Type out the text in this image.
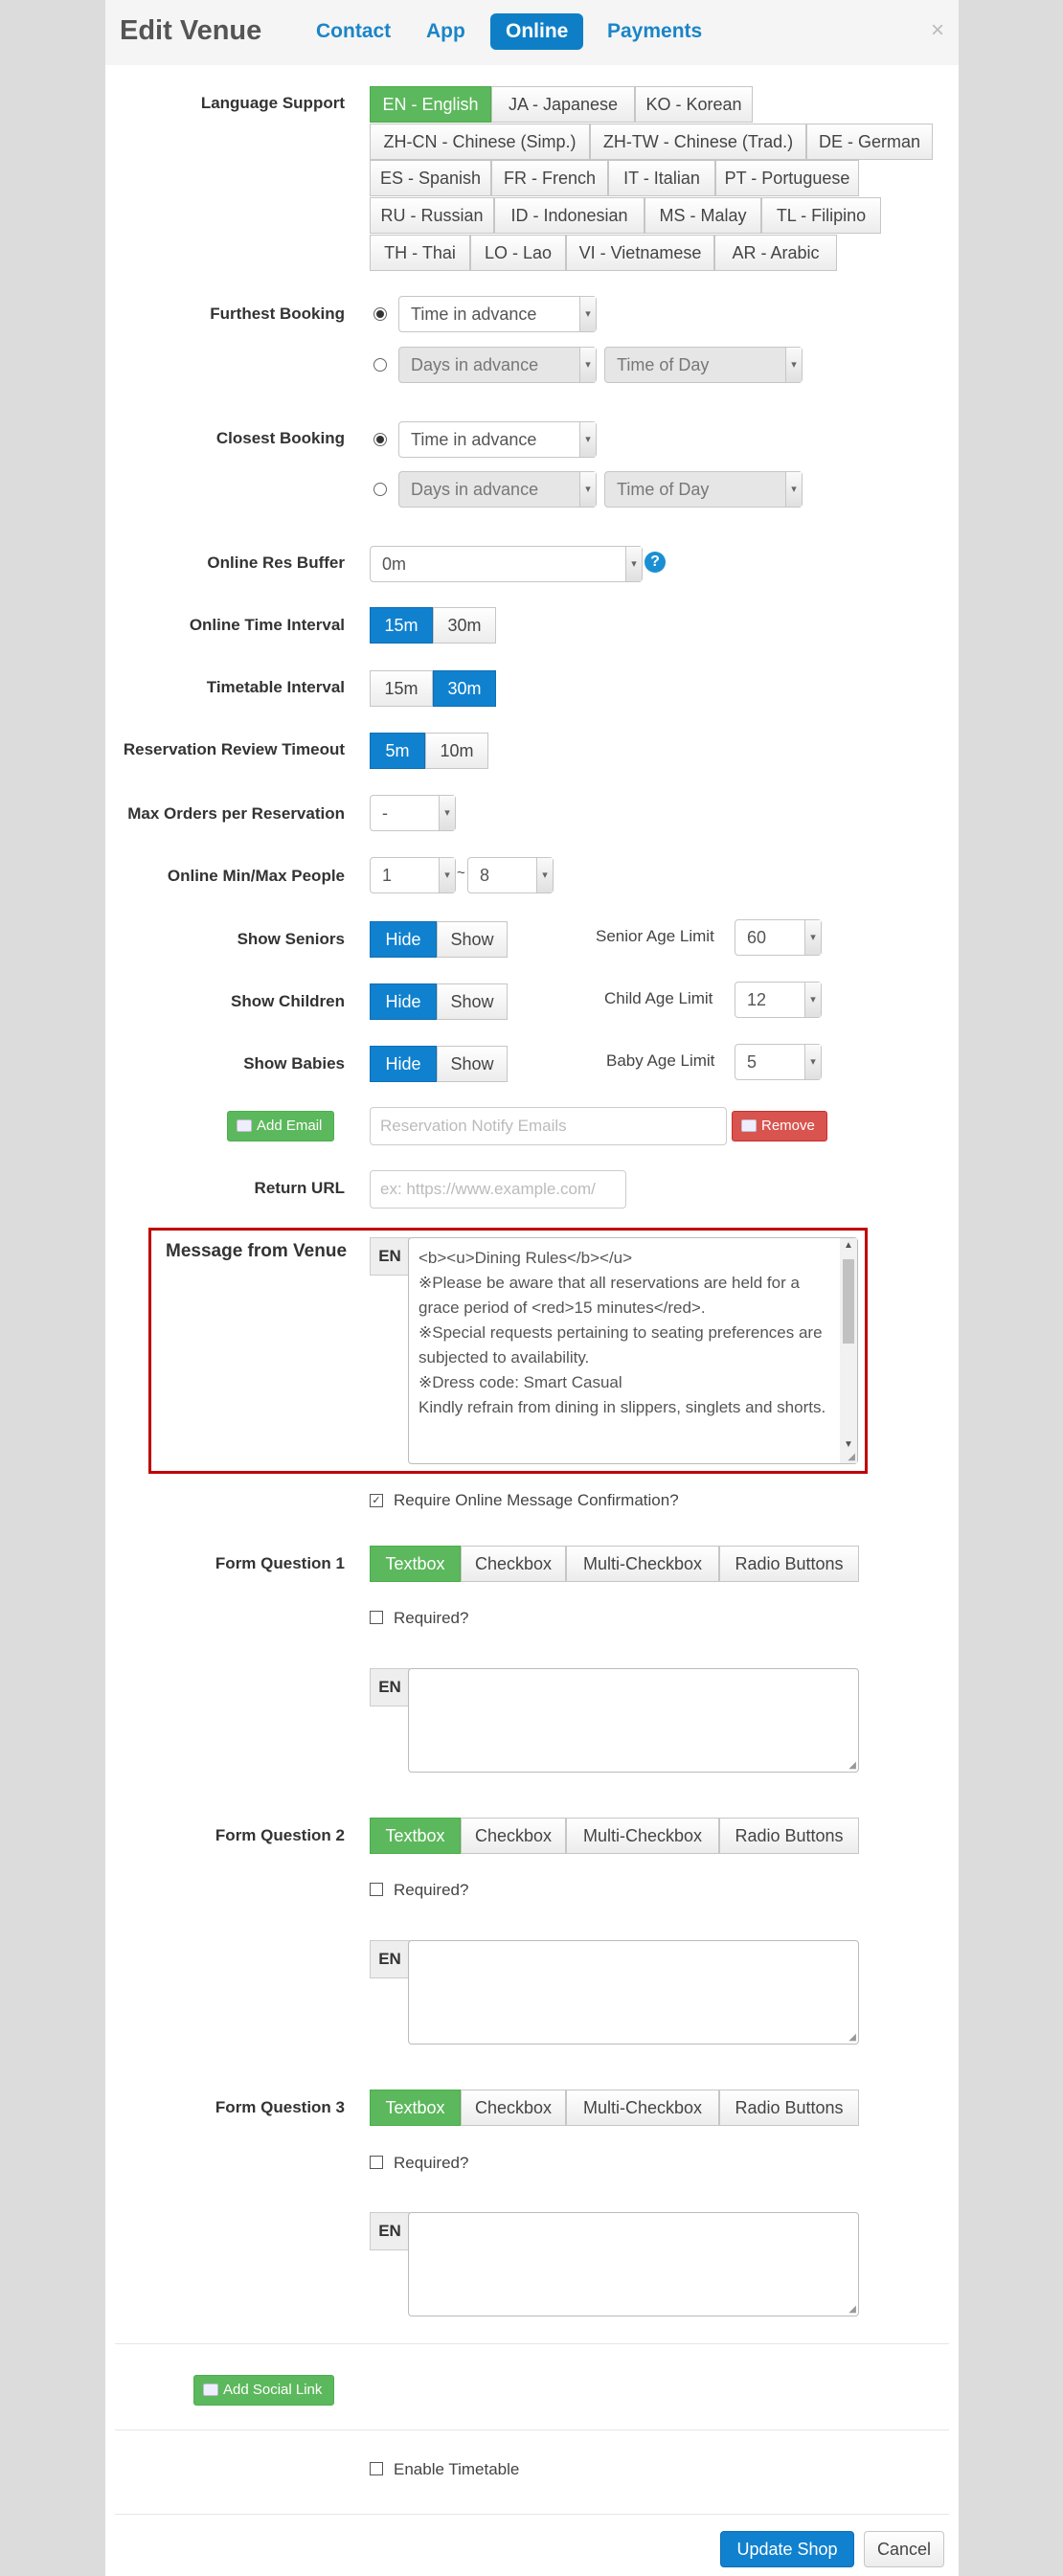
Edit Venue	Contact	App	Online	Payments	×
Language Support	EN - English	JA - Japanese	KO - Korean
ZH-CN - Chinese (Simp.)	ZH-TW - Chinese (Trad.)	DE - German
ES - Spanish	FR - French	IT - Italian	PT - Portuguese
RU - Russian	ID - Indonesian	MS - Malay	TL - Filipino
TH - Thai	LO - Lao	VI - Vietnamese	AR - Arabic
Furthest Booking	Time in advance	▾
Days in advance	▾	Time of Day	▾
Closest Booking	Time in advance	▾
Days in advance	▾	Time of Day	▾
Online Res Buffer	0m	▾ ?
Online Time Interval	15m	30m
Timetable Interval	15m	30m
Reservation Review Timeout	5m	10m
Max Orders per Reservation	-	▾
Online Min/Max People	1	▾ ~ 8	▾
Show Seniors	Hide	Show	Senior Age Limit	60	▾
Show Children	Hide	Show	Child Age Limit	12	▾
Show Babies	Hide	Show	Baby Age Limit	5	▾
Add Email	Reservation Notify Emails	Remove
Return URL	ex: https://www.example.com/
Message from Venue	EN	<b><u>Dining Rules</b></u>
※Please be aware that all reservations are held for a grace period of <red>15 minutes</red>.
※Special requests pertaining to seating preferences are subjected to availability.
※Dress code: Smart Casual
Kindly refrain from dining in slippers, singlets and shorts.
▲
▼
◢
✓ Require Online Message Confirmation?
Form Question 1	Textbox	Checkbox	Multi-Checkbox	Radio Buttons
Required?
EN
◢
Form Question 2	Textbox	Checkbox	Multi-Checkbox	Radio Buttons
Required?
EN
◢
Form Question 3	Textbox	Checkbox	Multi-Checkbox	Radio Buttons
Required?
EN
◢
Add Social Link
Enable Timetable
Update Shop	Cancel
